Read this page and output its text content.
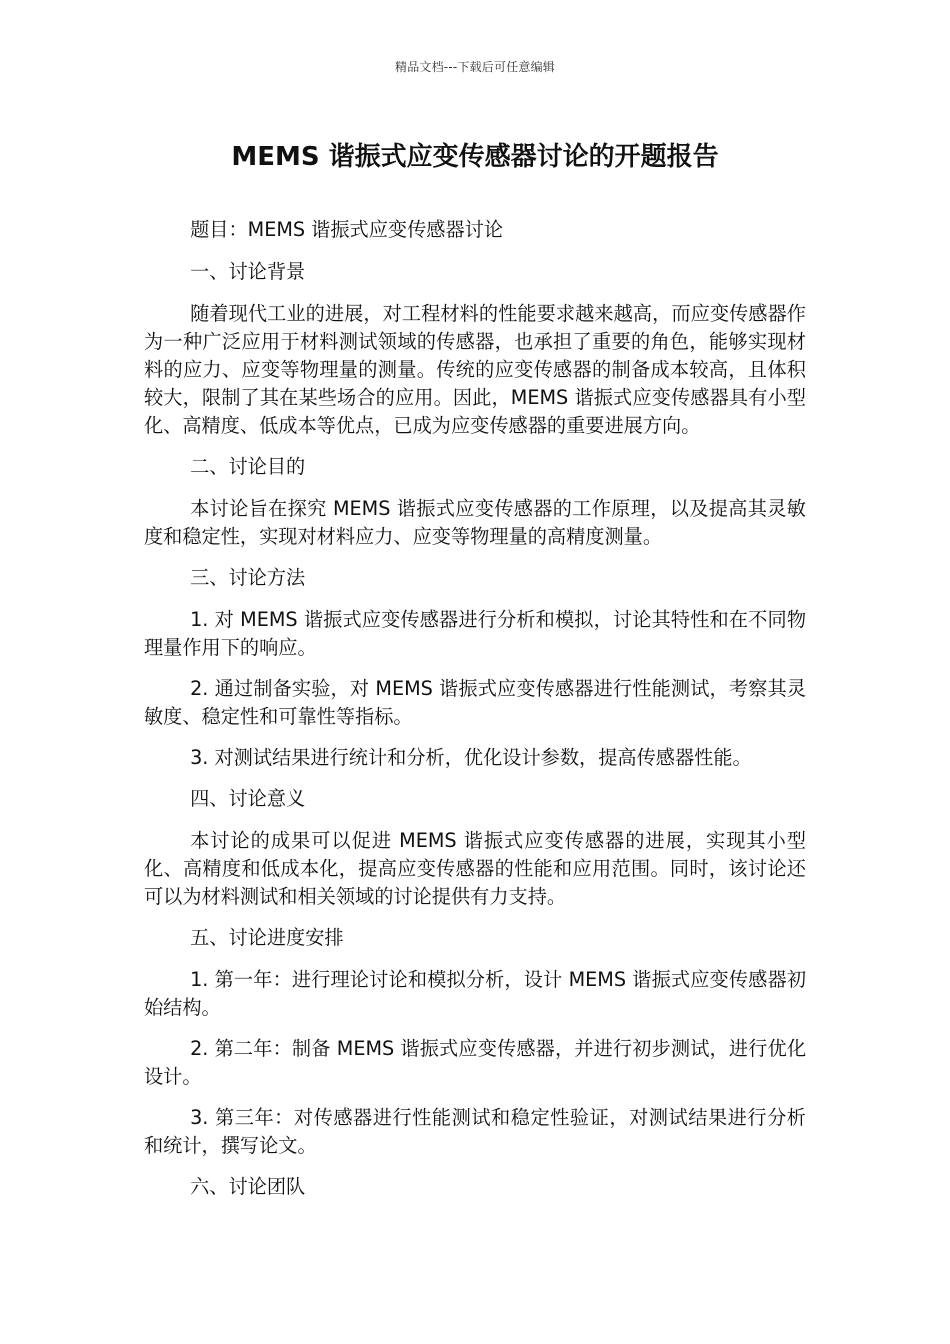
精品文档---下载后可任意编辑
MEMS 谐振式应变传感器讨论的开题报告

题目：MEMS 谐振式应变传感器讨论

一、讨论背景

随着现代工业的进展，对工程材料的性能要求越来越高，而应变传感器作为一种广泛应用于材料测试领域的传感器，也承担了重要的角色，能够实现材料的应力、应变等物理量的测量。传统的应变传感器的制备成本较高，且体积较大，限制了其在某些场合的应用。因此，MEMS 谐振式应变传感器具有小型化、高精度、低成本等优点，已成为应变传感器的重要进展方向。

二、讨论目的

本讨论旨在探究 MEMS 谐振式应变传感器的工作原理，以及提高其灵敏度和稳定性，实现对材料应力、应变等物理量的高精度测量。

三、讨论方法

1. 对 MEMS 谐振式应变传感器进行分析和模拟，讨论其特性和在不同物理量作用下的响应。

2. 通过制备实验，对 MEMS 谐振式应变传感器进行性能测试，考察其灵敏度、稳定性和可靠性等指标。

3. 对测试结果进行统计和分析，优化设计参数，提高传感器性能。

四、讨论意义

本讨论的成果可以促进 MEMS 谐振式应变传感器的进展，实现其小型化、高精度和低成本化，提高应变传感器的性能和应用范围。同时，该讨论还可以为材料测试和相关领域的讨论提供有力支持。

五、讨论进度安排

1. 第一年：进行理论讨论和模拟分析，设计 MEMS 谐振式应变传感器初始结构。

2. 第二年：制备 MEMS 谐振式应变传感器，并进行初步测试，进行优化设计。

3. 第三年：对传感器进行性能测试和稳定性验证，对测试结果进行分析和统计，撰写论文。

六、讨论团队
